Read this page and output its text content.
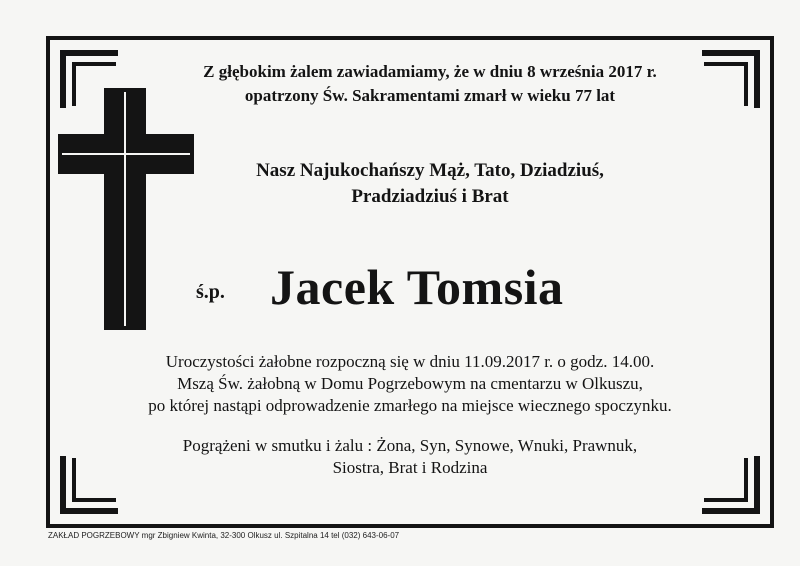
Z głębokim żalem zawiadamiamy, że w dniu 8 września 2017 r.
opatrzony Św. Sakramentami zmarł w wieku 77 lat
Nasz Najukochańszy Mąż, Tato, Dziadziuś,
Pradziadziuś i Brat
ś.p. Jacek Tomsia
Uroczystości żałobne rozpoczną się w dniu 11.09.2017 r. o godz. 14.00.
Mszą Św. żałobną w Domu Pogrzebowym na cmentarzu w Olkuszu,
po której nastąpi odprowadzenie zmarłego na miejsce wiecznego spoczynku.
Pogrążeni w smutku i żalu : Żona, Syn, Synowe, Wnuki, Prawnuk,
Siostra, Brat i Rodzina
ZAKŁAD POGRZEBOWY mgr Zbigniew Kwinta, 32-300 Olkusz ul. Szpitalna 14 tel (032) 643-06-07
